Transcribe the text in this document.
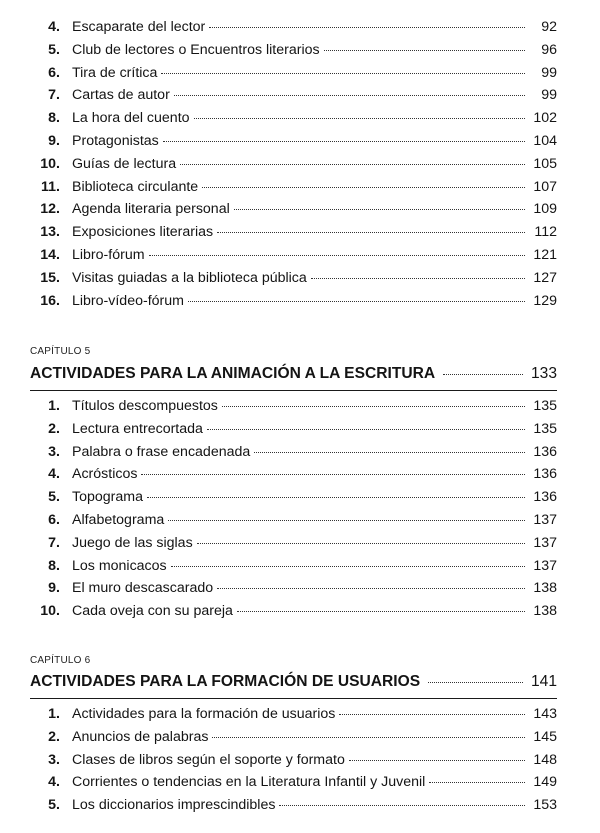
4. Escaparate del lector	92
5. Club de lectores o Encuentros literarios	96
6. Tira de crítica	99
7. Cartas de autor	99
8. La hora del cuento	102
9. Protagonistas	104
10. Guías de lectura	105
11. Biblioteca circulante	107
12. Agenda literaria personal	109
13. Exposiciones literarias	112
14. Libro-fórum	121
15. Visitas guiadas a la biblioteca pública	127
16. Libro-vídeo-fórum	129
CAPÍTULO 5
ACTIVIDADES PARA LA ANIMACIÓN A LA ESCRITURA	133
1. Títulos descompuestos	135
2. Lectura entrecortada	135
3. Palabra o frase encadenada	136
4. Acrósticos	136
5. Topograma	136
6. Alfabetograma	137
7. Juego de las siglas	137
8. Los monicacos	137
9. El muro descascarado	138
10. Cada oveja con su pareja	138
CAPÍTULO 6
ACTIVIDADES PARA LA FORMACIÓN DE USUARIOS	141
1. Actividades para la formación de usuarios	143
2. Anuncios de palabras	145
3. Clases de libros según el soporte y formato	148
4. Corrientes o tendencias en la Literatura Infantil y Juvenil	149
5. Los diccionarios imprescindibles	153
